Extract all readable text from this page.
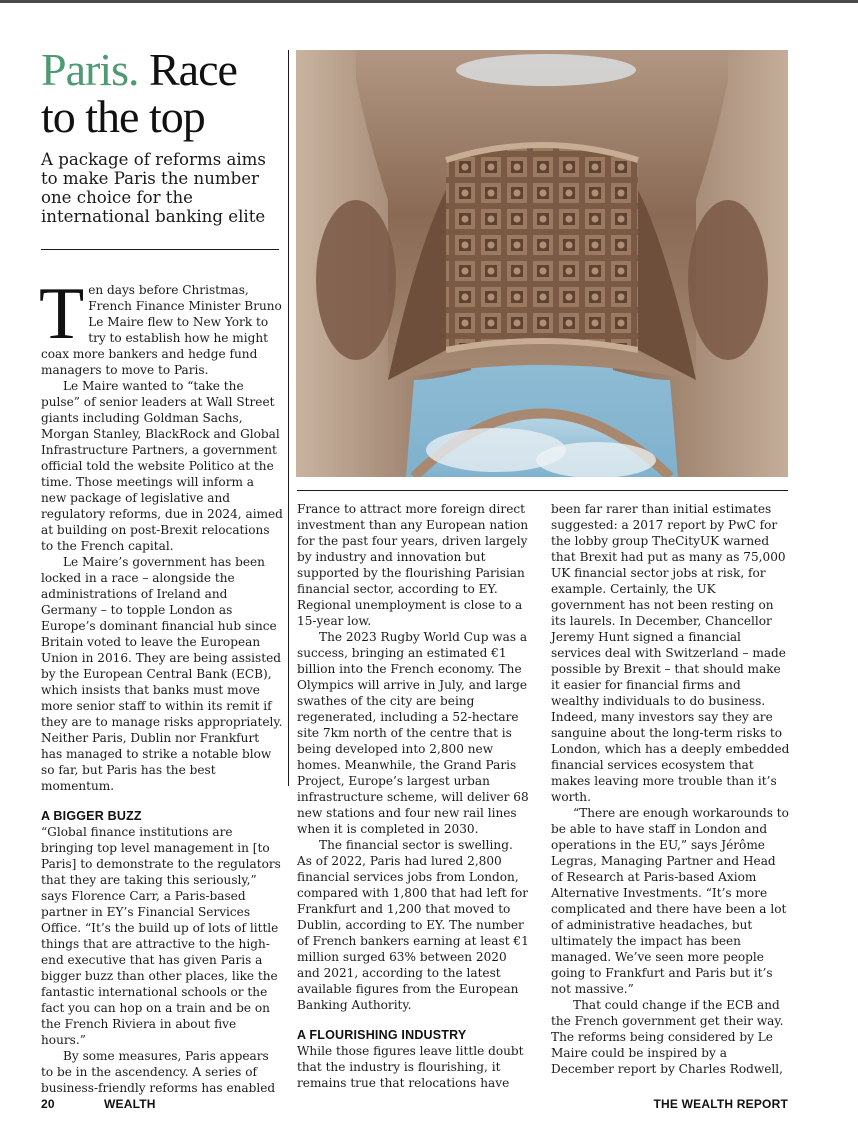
Paris. Race to the top

A package of reforms aims to make Paris the number one choice for the international banking elite

Ten days before Christmas, French Finance Minister Bruno Le Maire flew to New York to try to establish how he might coax more bankers and hedge fund managers to move to Paris.

Le Maire wanted to “take the pulse” of senior leaders at Wall Street giants including Goldman Sachs, Morgan Stanley, BlackRock and Global Infrastructure Partners, a government official told the website Politico at the time. Those meetings will inform a new package of legislative and regulatory reforms, due in 2024, aimed at building on post-Brexit relocations to the French capital.

Le Maire’s government has been locked in a race – alongside the administrations of Ireland and Germany – to topple London as Europe’s dominant financial hub since Britain voted to leave the European Union in 2016. They are being assisted by the European Central Bank (ECB), which insists that banks must move more senior staff to within its remit if they are to manage risks appropriately. Neither Paris, Dublin nor Frankfurt has managed to strike a notable blow so far, but Paris has the best momentum.

A BIGGER BUZZ

“Global finance institutions are bringing top level management in [to Paris] to demonstrate to the regulators that they are taking this seriously,” says Florence Carr, a Paris-based partner in EY’s Financial Services Office. “It’s the build up of lots of little things that are attractive to the high-end executive that has given Paris a bigger buzz than other places, like the fantastic international schools or the fact you can hop on a train and be on the French Riviera in about five hours.”

By some measures, Paris appears to be in the ascendency. A series of business-friendly reforms has enabled

France to attract more foreign direct investment than any European nation for the past four years, driven largely by industry and innovation but supported by the flourishing Parisian financial sector, according to EY. Regional unemployment is close to a 15-year low.

The 2023 Rugby World Cup was a success, bringing an estimated €1 billion into the French economy. The Olympics will arrive in July, and large swathes of the city are being regenerated, including a 52-hectare site 7km north of the centre that is being developed into 2,800 new homes. Meanwhile, the Grand Paris Project, Europe’s largest urban infrastructure scheme, will deliver 68 new stations and four new rail lines when it is completed in 2030.

The financial sector is swelling. As of 2022, Paris had lured 2,800 financial services jobs from London, compared with 1,800 that had left for Frankfurt and 1,200 that moved to Dublin, according to EY. The number of French bankers earning at least €1 million surged 63% between 2020 and 2021, according to the latest available figures from the European Banking Authority.

A FLOURISHING INDUSTRY

While those figures leave little doubt that the industry is flourishing, it remains true that relocations have

been far rarer than initial estimates suggested: a 2017 report by PwC for the lobby group TheCityUK warned that Brexit had put as many as 75,000 UK financial sector jobs at risk, for example. Certainly, the UK government has not been resting on its laurels. In December, Chancellor Jeremy Hunt signed a financial services deal with Switzerland – made possible by Brexit – that should make it easier for financial firms and wealthy individuals to do business. Indeed, many investors say they are sanguine about the long-term risks to London, which has a deeply embedded financial services ecosystem that makes leaving more trouble than it’s worth.

“There are enough workarounds to be able to have staff in London and operations in the EU,” says Jérôme Legras, Managing Partner and Head of Research at Paris-based Axiom Alternative Investments. “It’s more complicated and there have been a lot of administrative headaches, but ultimately the impact has been managed. We’ve seen more people going to Frankfurt and Paris but it’s not massive.”

That could change if the ECB and the French government get their way. The reforms being considered by Le Maire could be inspired by a December report by Charles Rodwell,

20	WEALTH	THE WEALTH REPORT
